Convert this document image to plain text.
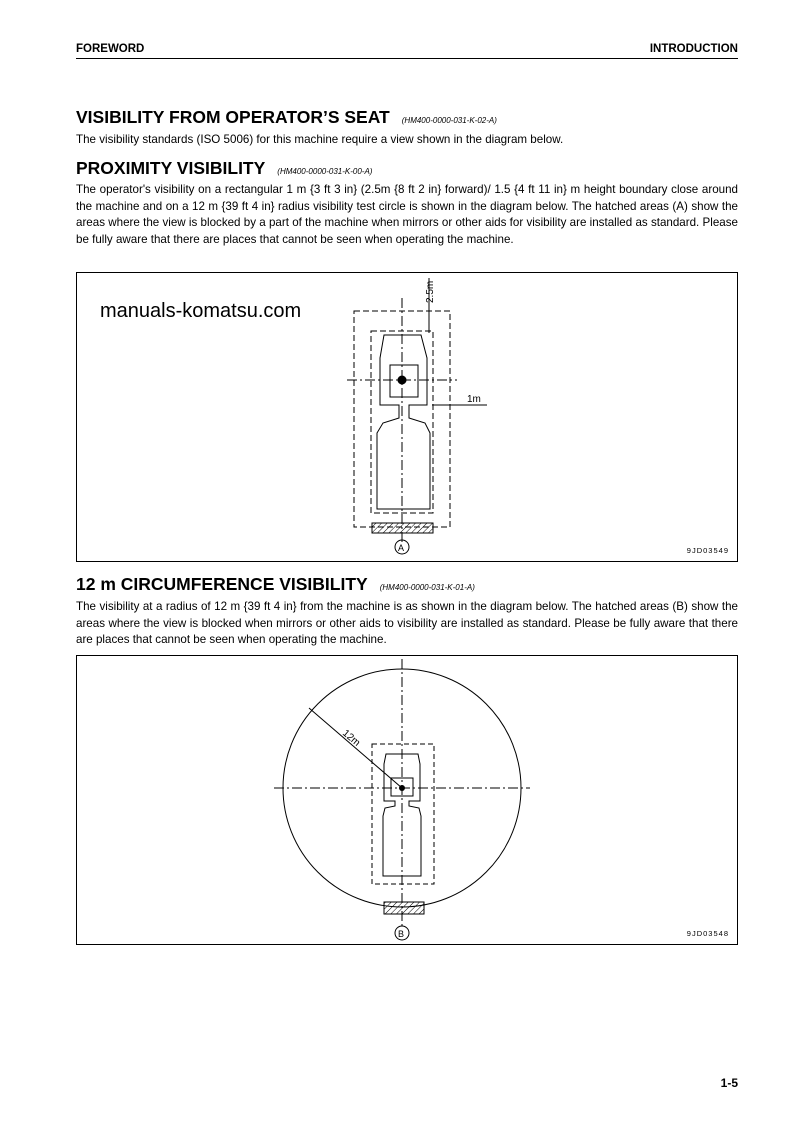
FOREWORD	INTRODUCTION
VISIBILITY FROM OPERATOR’S SEAT (HM400-0000-031-K-02-A)
The visibility standards (ISO 5006) for this machine require a view shown in the diagram below.
PROXIMITY VISIBILITY (HM400-0000-031-K-00-A)
The operator's visibility on a rectangular 1 m {3 ft 3 in} (2.5m {8 ft 2 in} forward)/ 1.5 {4 ft 11 in} m height boundary close around the machine and on a 12 m {39 ft 4 in} radius visibility test circle is shown in the diagram below. The hatched areas (A) show the areas where the view is blocked by a part of the machine when mirrors or other aids for visibility are installed as standard. Please be fully aware that there are places that cannot be seen when operating the machine.
2.5m
1m
A	9JD03549
manuals-komatsu.com
12 m CIRCUMFERENCE VISIBILITY (HM400-0000-031-K-01-A)
The visibility at a radius of 12 m {39 ft 4 in} from the machine is as shown in the diagram below. The hatched areas (B) show the areas where the view is blocked when mirrors or other aids to visibility are installed as standard. Please be fully aware that there are places that cannot be seen when operating the machine.
12m
B	9JD03548
1-5
